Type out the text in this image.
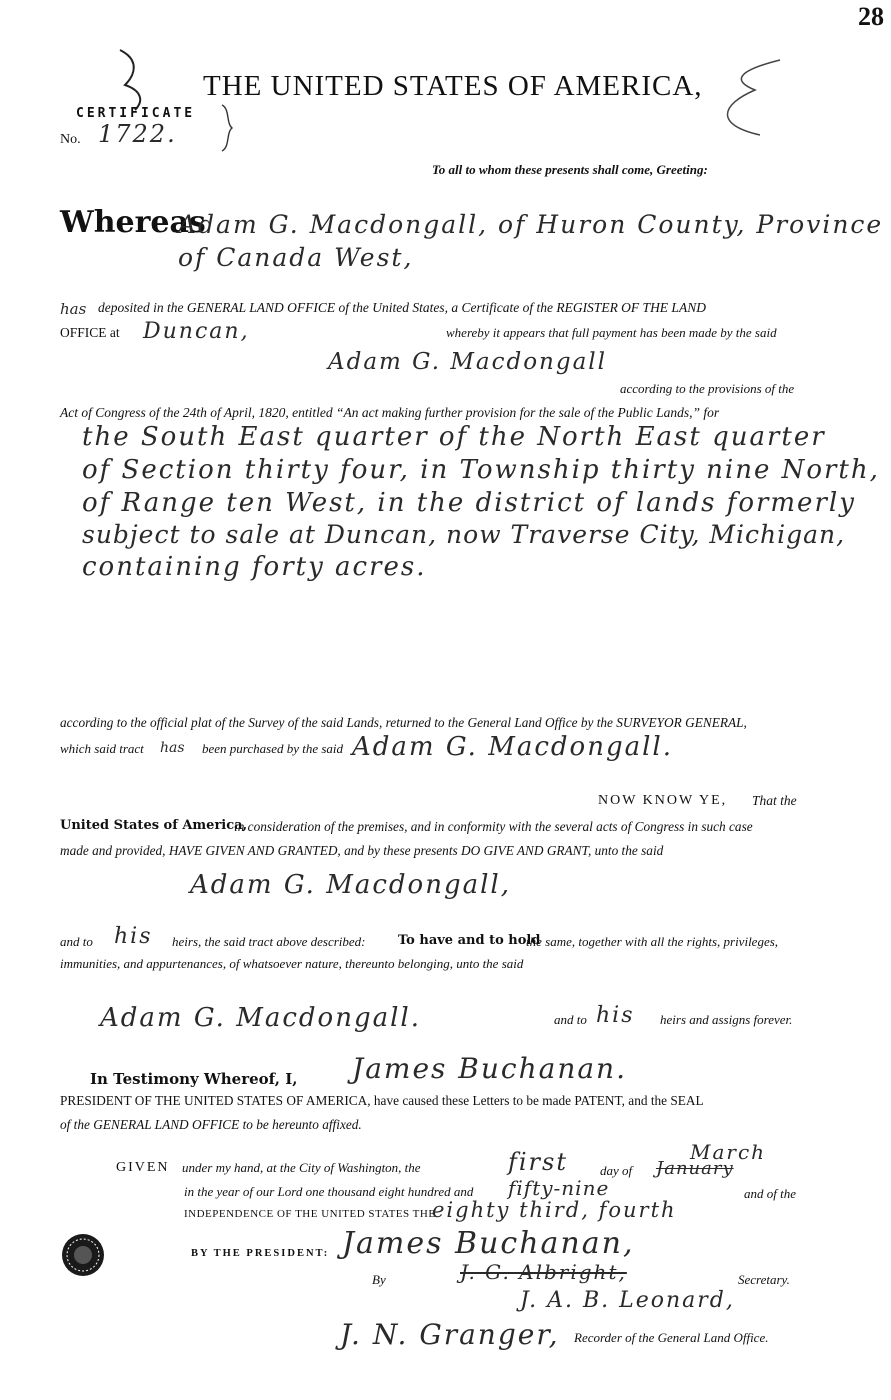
28
THE UNITED STATES OF AMERICA,
CERTIFICATE
No. 1722.
To all to whom these presents shall come, Greeting:
Whereas
Adam G. Macdongall, of Huron County, Province
of Canada West,
has deposited in the GENERAL LAND OFFICE of the United States, a Certificate of the REGISTER OF THE LAND
OFFICE at Duncan,	whereby it appears that full payment has been made by the said
Adam G. Macdongall
according to the provisions of the
Act of Congress of the 24th of April, 1820, entitled “An act making further provision for the sale of the Public Lands,” for
the South East quarter of the North East quarter
of Section thirty four, in Township thirty nine North,
of Range ten West, in the district of lands formerly
subject to sale at Duncan, now Traverse City, Michigan,
containing forty acres.
according to the official plat of the Survey of the said Lands, returned to the General Land Office by the SURVEYOR GENERAL,
which said tract has been purchased by the said Adam G. Macdongall.
NOW KNOW YE, That the
United States of America,
in consideration of the premises, and in conformity with the several acts of Congress in such case
made and provided, HAVE GIVEN AND GRANTED, and by these presents DO GIVE AND GRANT, unto the said
Adam G. Macdongall,
and to his heirs, the said tract above described: To have and to hold
the same, together with all the rights, privileges,
immunities, and appurtenances, of whatsoever nature, thereunto belonging, unto the said
Adam G. Macdongall.	and to his heirs and assigns forever.
In Testimony Whereof, I, James Buchanan.
PRESIDENT OF THE UNITED STATES OF AMERICA, have caused these Letters to be made PATENT, and the SEAL
of the GENERAL LAND OFFICE to be hereunto affixed.
GIVEN under my hand, at the City of Washington, the	first day of
March
January
in the year of our Lord one thousand eight hundred and fifty-nine	and of the
INDEPENDENCE OF THE UNITED STATES THE
eighty third, fourth
BY THE PRESIDENT: James Buchanan,
By	J. G. Albright,	Secretary.
J. A. B. Leonard,
J. N. Granger, Recorder of the General Land Office.
